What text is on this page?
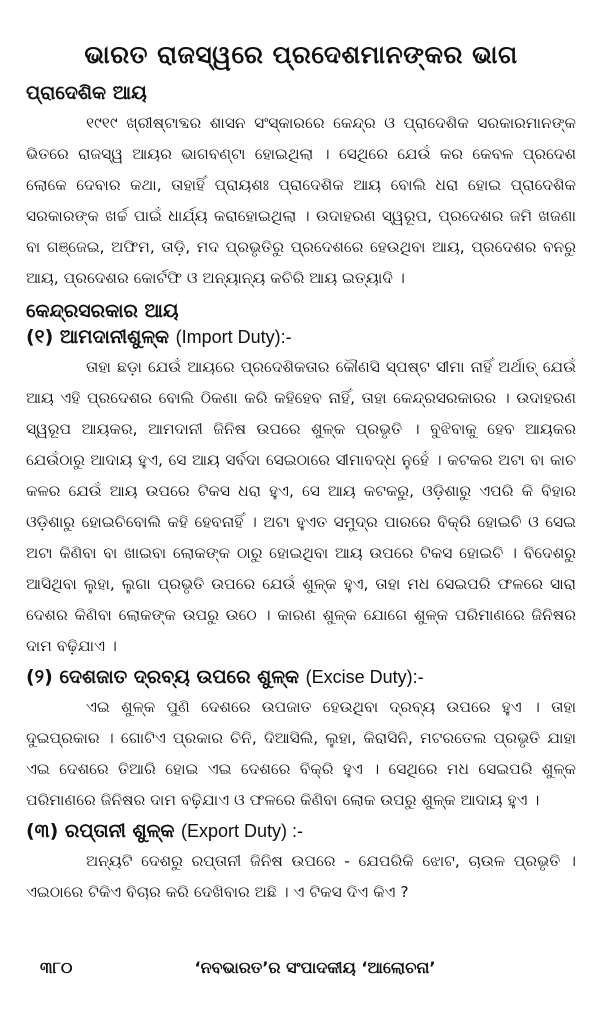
ଭାରତ ରାଜସ୍ୱରେ ପ୍ରଦେଶମାନଙ୍କର ଭାଗ
ପ୍ରାଦେଶିକ ଆୟ

୧୯୧୯ ଖ୍ରୀଷ୍ଟାବ୍ଦର ଶାସନ ସଂସ୍କାରରେ କେନ୍ଦ୍ର ଓ ପ୍ରାଦେଶିକ ସରକାରମାନଙ୍କ ଭିତରେ ରାଜସ୍ୱ ଆୟର ଭାଗବଣ୍ଟା ହୋଇଥିଲା । ସେଥିରେ ଯେଉଁ କର କେବଳ ପ୍ରଦେଶ ଲୋକେ ଦେବାର କଥା, ତାହାହିଁ ପ୍ରାୟଶଃ ପ୍ରାଦେଶିକ ଆୟ ବୋଲି ଧରା ହୋଇ ପ୍ରାଦେଶିକ ସରକାରଙ୍କ ଖର୍ଚ୍ଚ ପାଇଁ ଧାର୍ଯ୍ୟ କରାହୋଇଥିଲା । ଉଦାହରଣ ସ୍ୱରୂପ, ପ୍ରଦେଶର ଜମି ଖଜଣା ବା ଗଞ୍ଜେଇ, ଅଫିମ, ତାଡ଼ି, ମଦ ପ୍ରଭୃତିରୁ ପ୍ରଦେଶରେ ହେଉଥିବା ଆୟ, ପ୍ରଦେଶର ବନରୁ ଆୟ, ପ୍ରଦେଶର କୋର୍ଟଫି ଓ ଅନ୍ୟାନ୍ୟ କଚିରି ଆୟ ଇତ୍ୟାଦି ।

କେନ୍ଦ୍ରସରକାର ଆୟ
(୧) ଆମଦାନୀଶୁଳ୍କ (Import Duty):-

ତାହା ଛଡ଼ା ଯେଉଁ ଆୟରେ ପ୍ରଦେଶିକତାର କୌଣସି ସ୍ପଷ୍ଟ ସୀମା ନାହିଁ ଅର୍ଥାତ୍ ଯେଉଁ ଆୟ ଏହି ପ୍ରଦେଶର ବୋଲି ଠିକଣା କରି କହିହେବ ନାହିଁ, ତାହା କେନ୍ଦ୍ରସରକାରର । ଉଦାହରଣ ସ୍ୱରୂପ ଆୟକର, ଆମଦାନୀ ଜିନିଷ ଉପରେ ଶୁଳ୍କ ପ୍ରଭୃତି । ବୁଝିବାକୁ ହେବ ଆୟକର ଯେଉଁଠାରୁ ଆଦାୟ ହୁଏ, ସେ ଆୟ ସର୍ବଦା ସେଇଠାରେ ସୀମାବଦ୍ଧ ନୁହେଁ । କଟକର ଅଟା ବା କାଚ କଳର ଯେଉଁ ଆୟ ଉପରେ ଟିକସ ଧରା ହୁଏ, ସେ ଆୟ କଟକରୁ, ଓଡ଼ିଶାରୁ ଏପରି କି ବିହାର ଓଡ଼ିଶାରୁ ହୋଇଚିବୋଲି କହି ହେବନାହିଁ । ଅଟା ହୁଏତ ସମୁଦ୍ର ପାରରେ ବିକ୍ରି ହୋଇଚି ଓ ସେଇ ଅଟା କିଣିବା ବା ଖାଇବା ଲୋକଙ୍କ ଠାରୁ ହୋଇଥିବା ଆୟ ଉପରେ ଟିକସ ହୋଇଚି । ବିଦେଶରୁ ଆସିଥିବା ଲୁହା, ଲୁଗା ପ୍ରଭୃତି ଉପରେ ଯେଉଁ ଶୁଳ୍କ ହୁଏ, ତାହା ମଧ ସେଇପରି ଫଳରେ ସାରା ଦେଶର କିଣିବା ଲୋକଙ୍କ ଉପରୁ ଉଠେ । କାରଣ ଶୁଳ୍କ ଯୋଗେ ଶୁଳ୍କ ପରିମାଣରେ ଜିନିଷର ଦାମ ବଢ଼ିଯାଏ ।

(୨) ଦେଶଜାତ ଦ୍ରବ୍ୟ ଉପରେ ଶୁଳ୍କ (Excise Duty):-

ଏଇ ଶୁଳ୍କ ପୁଣି ଦେଶରେ ଉପଜାତ ହେଉଥିବା ଦ୍ରବ୍ୟ ଉପରେ ହୁଏ । ତାହା ଦୁଇପ୍ରକାର । ଗୋଟିଏ ପ୍ରକାର ଚିନି, ଦିଆସିଲି, ଲୁହା, କିରାସିନି, ମଟରତେଲ ପ୍ରଭୃତି ଯାହା ଏଇ ଦେଶରେ ତିଆରି ହୋଇ ଏଇ ଦେଶରେ ବିକ୍ରି ହୁଏ । ସେଥିରେ ମଧ ସେଇପରି ଶୁଳ୍କ ପରିମାଣରେ ଜିନିଷର ଦାମ ବଢ଼ିଯାଏ ଓ ଫଳରେ କିଣିବା ଲୋକ ଉପରୁ ଶୁଳ୍କ ଆଦାୟ ହୁଏ ।

(୩) ରପ୍ତାନୀ ଶୁଳ୍କ (Export Duty) :-

ଅନ୍ୟଟି ଦେଶରୁ ରପ୍ତାନୀ ଜିନିଷ ଉପରେ - ଯେପରିକି ଝୋଟ, ଚାଉଳ ପ୍ରଭୃତି । ଏଇଠାରେ ଟିକିଏ ବିଚାର କରି ଦେଖିବାର ଅଛି । ଏ ଟିକସ ଦିଏ କିଏ ?

୩୮୦	‘ନବଭାରତ’ର ସଂପାଦକୀୟ ‘ଆଲୋଚନା’
